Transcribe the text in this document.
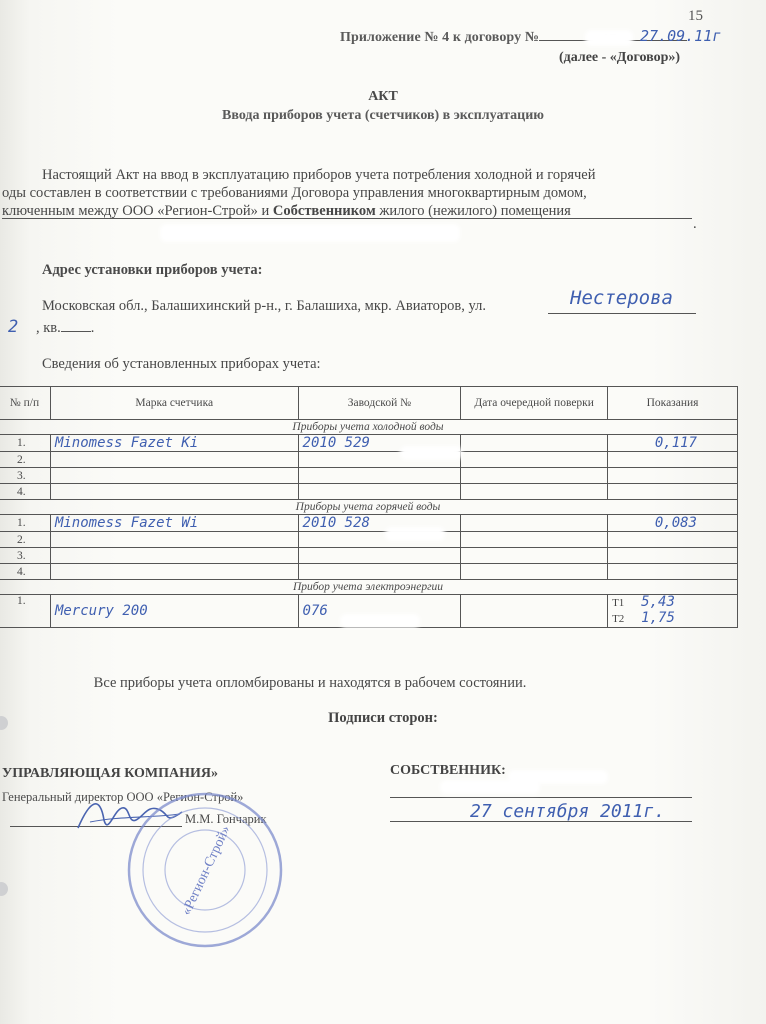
15
Приложение № 4 к договору №	27.09.11г
(далее - «Договор»)
АКТ
Ввода приборов учета (счетчиков) в эксплуатацию
Настоящий Акт на ввод в эксплуатацию приборов учета потребления холодной и горячей
оды составлен в соответствии с требованиями Договора управления многоквартирным домом,
ключенным между ООО «Регион-Строй» и Собственником жилого (нежилого) помещения
.
Адрес установки приборов учета:
Московская обл., Балашихинский р-н., г. Балашиха, мкр. Авиаторов, ул.	Нестерова
2 , кв. .
Сведения об установленных приборах учета:
№ п/п	Марка счетчика	Заводской №	Дата очередной поверки	Показания
Приборы учета холодной воды				
1.	Minomess Fazet Ki	2010 529		0,117
2.				
3.				
4.				
Приборы учета горячей воды				
1.	Minomess Fazet Wi	2010 528		0,083
2.				
3.				
4.				
Прибор учета электроэнергии				
1.	Mercury 200	076		T1 5,43
T2 1,75
Все приборы учета опломбированы и находятся в рабочем состоянии.
Подписи сторон:
УПРАВЛЯЮЩАЯ КОМПАНИЯ»
Генеральный директор ООО «Регион-Строй»
М.М. Гончарик
«Регион-Строй»
СОБСТВЕННИК:
27 сентября 2011г.
